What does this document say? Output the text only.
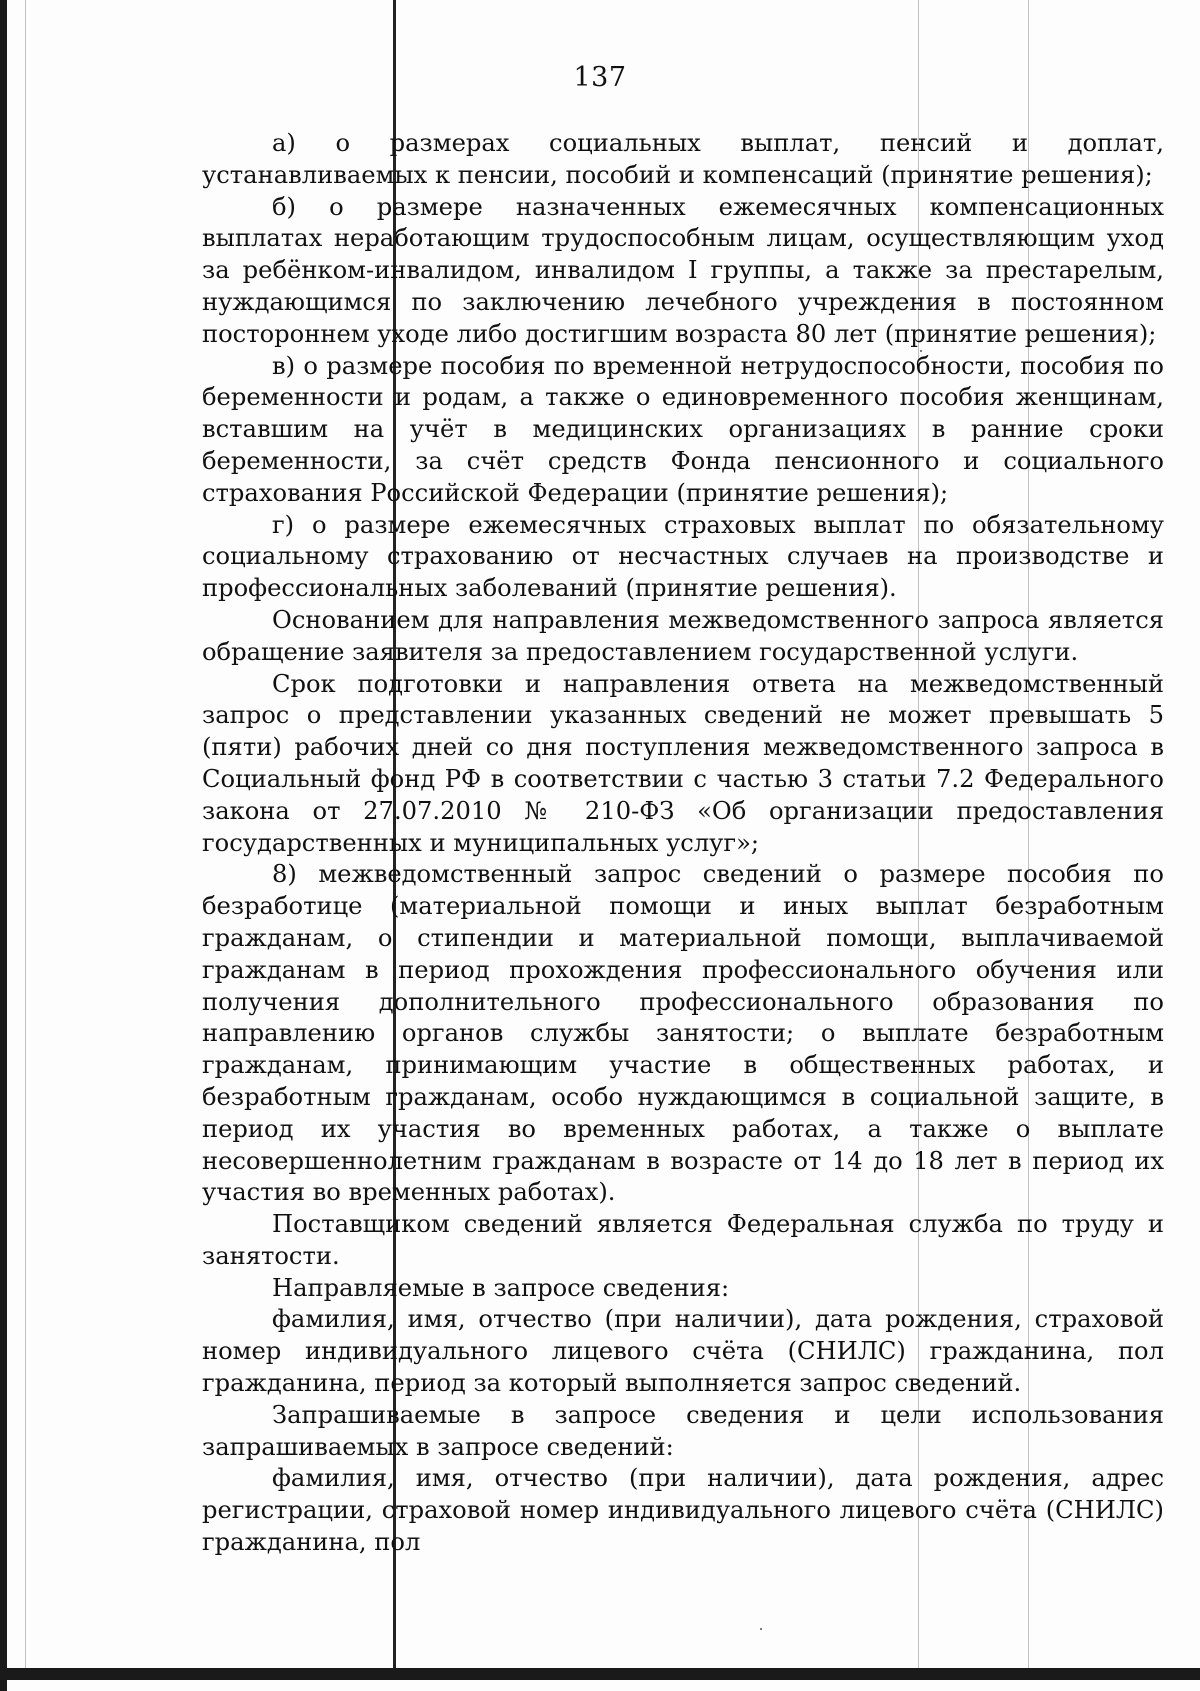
137

а) о размерах социальных выплат, пенсий и доплат, устанавливаемых к пенсии, пособий и компенсаций (принятие решения);

б) о размере назначенных ежемесячных компенсационных выплатах неработающим трудоспособным лицам, осуществляющим уход за ребёнком-инвалидом, инвалидом I группы, а также за престарелым, нуждающимся по заключению лечебного учреждения в постоянном постороннем уходе либо достигшим возраста 80 лет (принятие решения);

в) о размере пособия по временной нетрудоспособности, пособия по беременности и родам, а также о единовременного пособия женщинам, вставшим на учёт в медицинских организациях в ранние сроки беременности, за счёт средств Фонда пенсионного и социального страхования Российской Федерации (принятие решения);

г) о размере ежемесячных страховых выплат по обязательному социальному страхованию от несчастных случаев на производстве и профессиональных заболеваний (принятие решения).

Основанием для направления межведомственного запроса является обращение заявителя за предоставлением государственной услуги.

Срок подготовки и направления ответа на межведомственный запрос о представлении указанных сведений не может превышать 5 (пяти) рабочих дней со дня поступления межведомственного запроса в Социальный фонд РФ в соответствии с частью 3 статьи 7.2 Федерального закона от 27.07.2010 № 210-ФЗ «Об организации предоставления государственных и муниципальных услуг»;

8) межведомственный запрос сведений о размере пособия по безработице (материальной помощи и иных выплат безработным гражданам, о стипендии и материальной помощи, выплачиваемой гражданам в период прохождения профессионального обучения или получения дополнительного профессионального образования по направлению органов службы занятости; о выплате безработным гражданам, принимающим участие в общественных работах, и безработным гражданам, особо нуждающимся в социальной защите, в период их участия во временных работах, а также о выплате несовершеннолетним гражданам в возрасте от 14 до 18 лет в период их участия во временных работах).

Поставщиком сведений является Федеральная служба по труду и занятости.

Направляемые в запросе сведения:

фамилия, имя, отчество (при наличии), дата рождения, страховой номер индивидуального лицевого счёта (СНИЛС) гражданина, пол гражданина, период за который выполняется запрос сведений.

Запрашиваемые в запросе сведения и цели использования запрашиваемых в запросе сведений:

фамилия, имя, отчество (при наличии), дата рождения, адрес регистрации, страховой номер индивидуального лицевого счёта (СНИЛС) гражданина, пол
